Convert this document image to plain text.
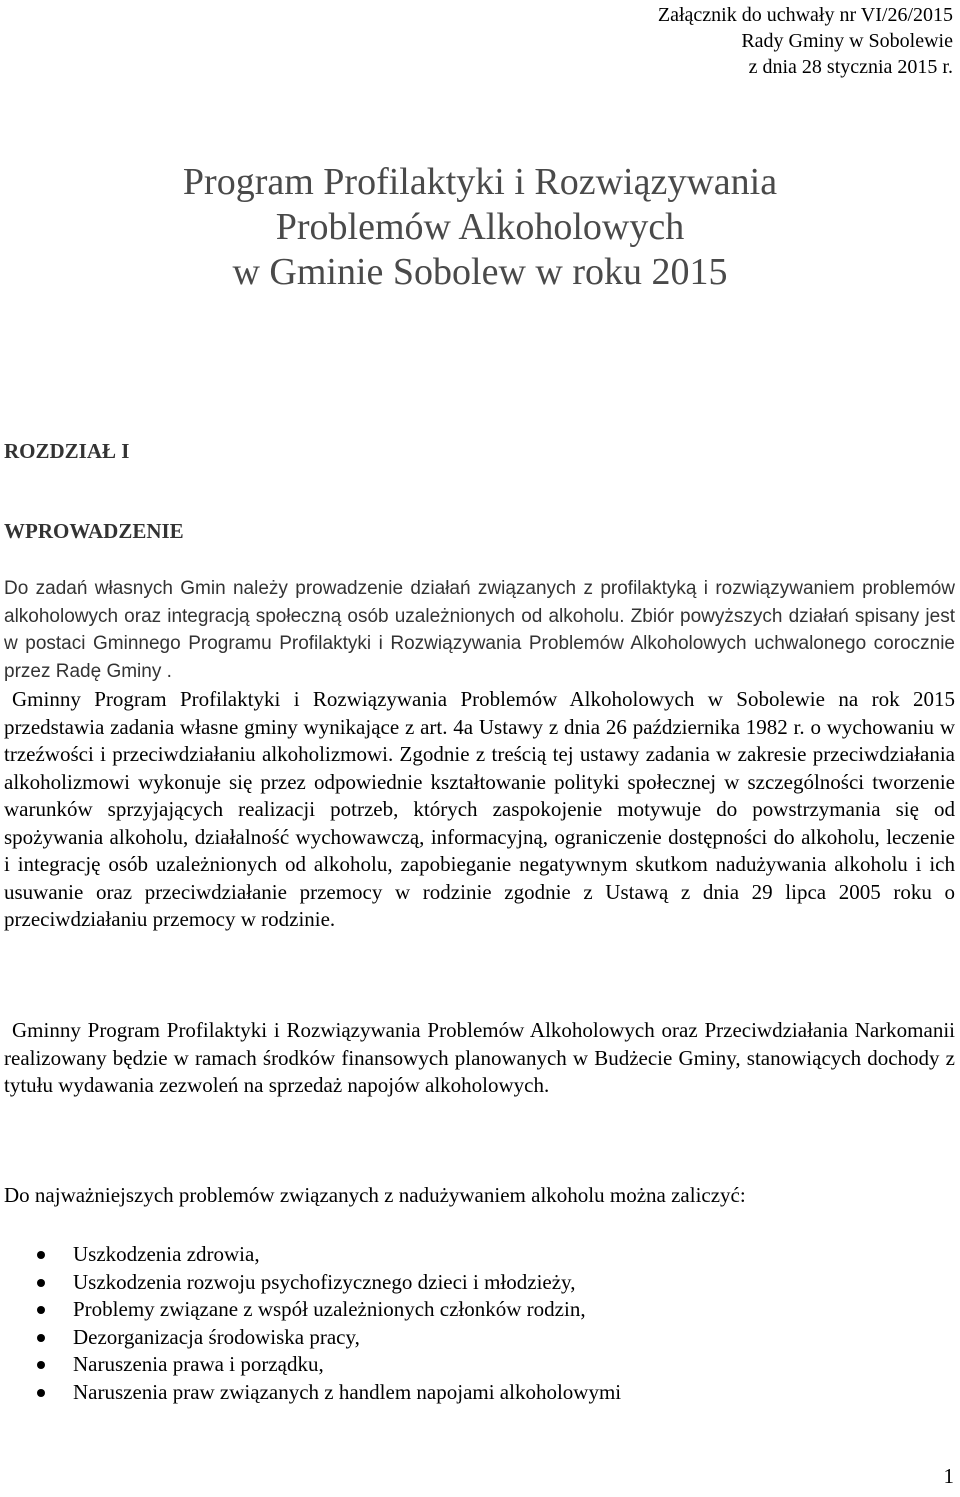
Załącznik do uchwały nr VI/26/2015
Rady Gminy w Sobolewie
z dnia 28 stycznia 2015 r.
Program Profilaktyki i Rozwiązywania
Problemów Alkoholowych
w Gminie Sobolew w roku 2015
ROZDZIAŁ I
WPROWADZENIE
Do zadań własnych Gmin należy prowadzenie działań związanych z profilaktyką i rozwiązywaniem problemów alkoholowych oraz integracją społeczną osób uzależnionych od alkoholu. Zbiór powyższych działań spisany jest w postaci Gminnego Programu Profilaktyki i Rozwiązywania Problemów Alkoholowych uchwalonego corocznie przez Radę Gminy .
Gminny Program Profilaktyki i Rozwiązywania Problemów Alkoholowych w Sobolewie na rok 2015 przedstawia zadania własne gminy wynikające z art. 4a Ustawy z dnia 26 października 1982 r. o wychowaniu w trzeźwości i przeciwdziałaniu alkoholizmowi. Zgodnie z treścią tej ustawy zadania w zakresie przeciwdziałania alkoholizmowi wykonuje się przez odpowiednie kształtowanie polityki społecznej w szczególności tworzenie warunków sprzyjających realizacji potrzeb, których zaspokojenie motywuje do powstrzymania się od spożywania alkoholu, działalność wychowawczą, informacyjną, ograniczenie dostępności do alkoholu, leczenie i integrację osób uzależnionych od alkoholu, zapobieganie negatywnym skutkom nadużywania alkoholu i ich usuwanie oraz przeciwdziałanie przemocy w rodzinie zgodnie z Ustawą z dnia 29 lipca 2005 roku o przeciwdziałaniu przemocy w rodzinie.
Gminny Program Profilaktyki i Rozwiązywania Problemów Alkoholowych oraz Przeciwdziałania Narkomanii realizowany będzie w ramach środków finansowych planowanych w Budżecie Gminy, stanowiących dochody z tytułu wydawania zezwoleń na sprzedaż napojów alkoholowych.
Do najważniejszych problemów związanych z nadużywaniem alkoholu można zaliczyć:
Uszkodzenia zdrowia,
Uszkodzenia rozwoju psychofizycznego dzieci i młodzieży,
Problemy związane z współ uzależnionych członków rodzin,
Dezorganizacja środowiska pracy,
Naruszenia prawa i porządku,
Naruszenia praw związanych z handlem napojami alkoholowymi
1
